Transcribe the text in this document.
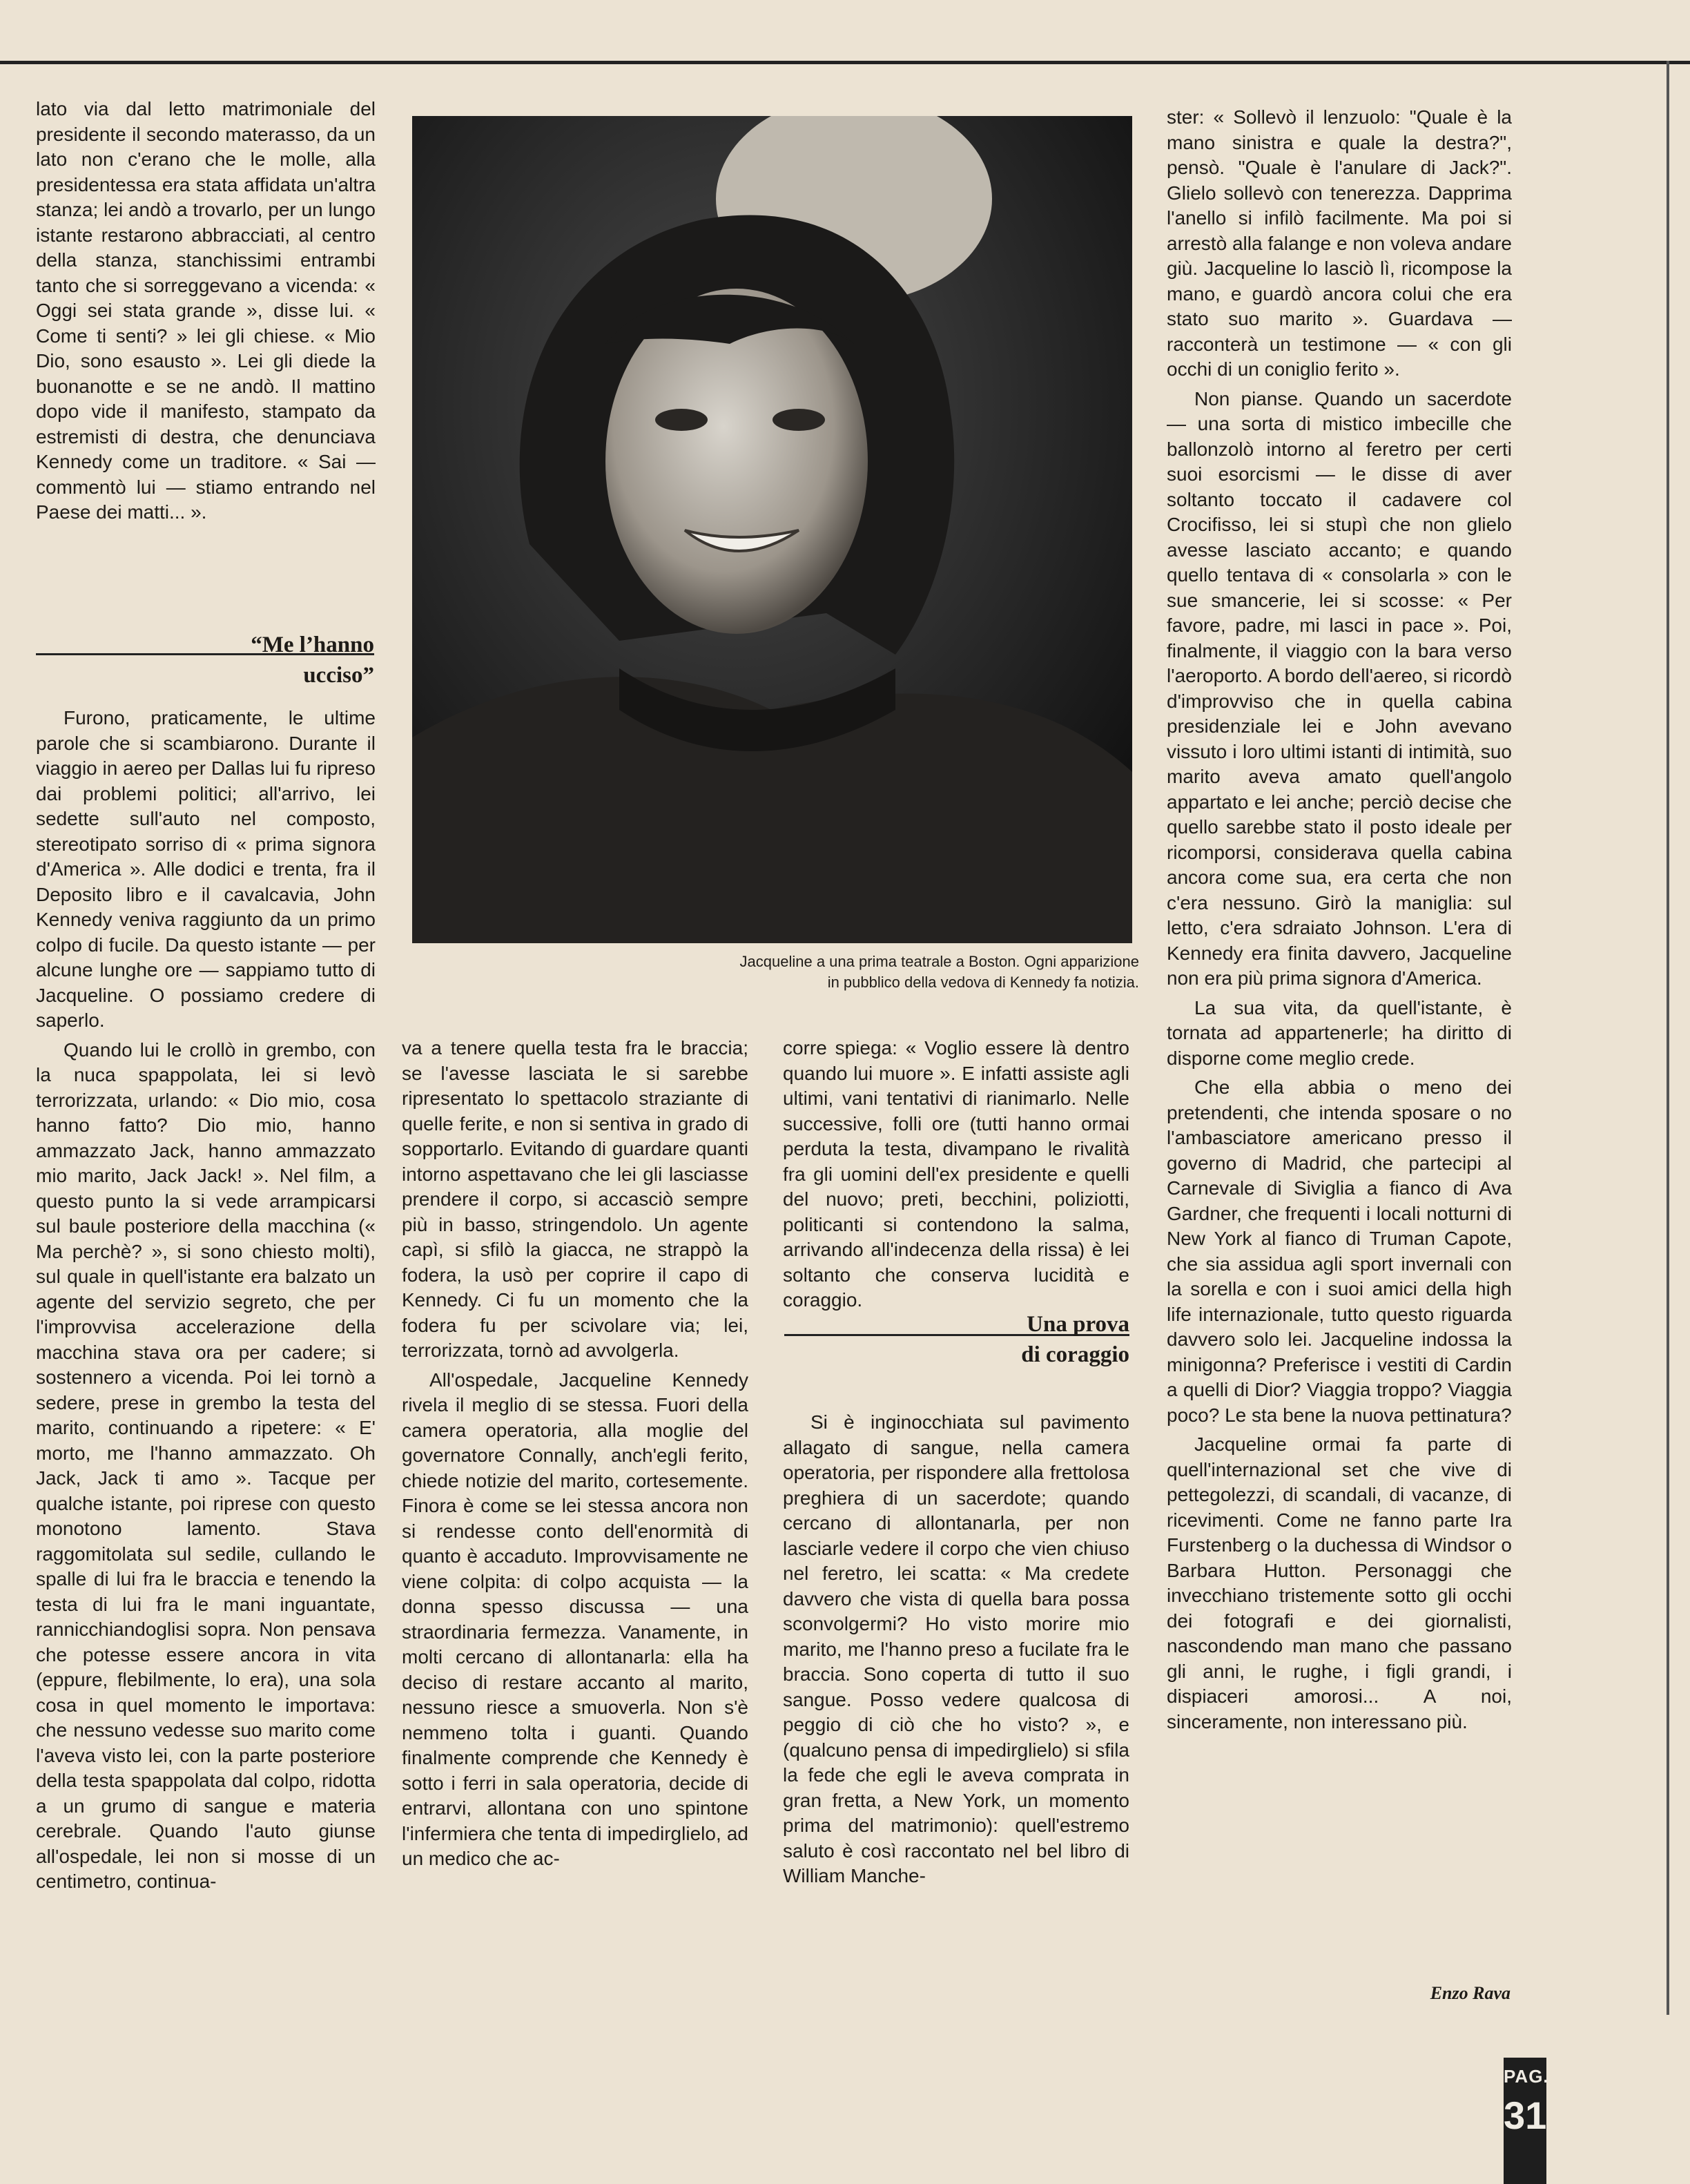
lato via dal letto matrimoniale del presidente il secondo materasso, da un lato non c'erano che le molle, alla presidentessa era stata affidata un'altra stanza; lei andò a trovarlo, per un lungo istante restarono abbracciati, al centro della stanza, stanchissimi entrambi tanto che si sorreggevano a vicenda: « Oggi sei stata grande », disse lui. « Come ti senti? » lei gli chiese. « Mio Dio, sono esausto ». Lei gli diede la buonanotte e se ne andò. Il mattino dopo vide il manifesto, stampato da estremisti di destra, che denunciava Kennedy come un traditore. « Sai — commentò lui — stiamo entrando nel Paese dei matti... ».

“Me l’hanno
ucciso”

Furono, praticamente, le ultime parole che si scambiarono. Durante il viaggio in aereo per Dallas lui fu ripreso dai problemi politici; all'arrivo, lei sedette sull'auto nel composto, stereotipato sorriso di « prima signora d'America ». Alle dodici e trenta, fra il Deposito libro e il cavalcavia, John Kennedy veniva raggiunto da un primo colpo di fucile. Da questo istante — per alcune lunghe ore — sappiamo tutto di Jacqueline. O possiamo credere di saperlo.

Quando lui le crollò in grembo, con la nuca spappolata, lei si levò terrorizzata, urlando: « Dio mio, cosa hanno fatto? Dio mio, hanno ammazzato Jack, hanno ammazzato mio marito, Jack Jack! ». Nel film, a questo punto la si vede arrampicarsi sul baule posteriore della macchina (« Ma perchè? », si sono chiesto molti), sul quale in quell'istante era balzato un agente del servizio segreto, che per l'improvvisa accelerazione della macchina stava ora per cadere; si sostennero a vicenda. Poi lei tornò a sedere, prese in grembo la testa del marito, continuando a ripetere: « E' morto, me l'hanno ammazzato. Oh Jack, Jack ti amo ». Tacque per qualche istante, poi riprese con questo monotono lamento. Stava raggomitolata sul sedile, cullando le spalle di lui fra le braccia e tenendo la testa di lui fra le mani inguantate, rannicchiandoglisi sopra. Non pensava che potesse essere ancora in vita (eppure, flebilmente, lo era), una sola cosa in quel momento le importava: che nessuno vedesse suo marito come l'aveva visto lei, con la parte posteriore della testa spappolata dal colpo, ridotta a un grumo di sangue e materia cerebrale. Quando l'auto giunse all'ospedale, lei non si mosse di un centimetro, continua-

Jacqueline a una prima teatrale a Boston. Ogni apparizione
in pubblico della vedova di Kennedy fa notizia.

va a tenere quella testa fra le braccia; se l'avesse lasciata le si sarebbe ripresentato lo spettacolo straziante di quelle ferite, e non si sentiva in grado di sopportarlo. Evitando di guardare quanti intorno aspettavano che lei gli lasciasse prendere il corpo, si accasciò sempre più in basso, stringendolo. Un agente capì, si sfilò la giacca, ne strappò la fodera, la usò per coprire il capo di Kennedy. Ci fu un momento che la fodera fu per scivolare via; lei, terrorizzata, tornò ad avvolgerla.

All'ospedale, Jacqueline Kennedy rivela il meglio di se stessa. Fuori della camera operatoria, alla moglie del governatore Connally, anch'egli ferito, chiede notizie del marito, cortesemente. Finora è come se lei stessa ancora non si rendesse conto dell'enormità di quanto è accaduto. Improvvisamente ne viene colpita: di colpo acquista — la donna spesso discussa — una straordinaria fermezza. Vanamente, in molti cercano di allontanarla: ella ha deciso di restare accanto al marito, nessuno riesce a smuoverla. Non s'è nemmeno tolta i guanti. Quando finalmente comprende che Kennedy è sotto i ferri in sala operatoria, decide di entrarvi, allontana con uno spintone l'infermiera che tenta di impedirglielo, ad un medico che ac-

corre spiega: « Voglio essere là dentro quando lui muore ». E infatti assiste agli ultimi, vani tentativi di rianimarlo. Nelle successive, folli ore (tutti hanno ormai perduta la testa, divampano le rivalità fra gli uomini dell'ex presidente e quelli del nuovo; preti, becchini, poliziotti, politicanti si contendono la salma, arrivando all'indecenza della rissa) è lei soltanto che conserva lucidità e coraggio.

Una prova
di coraggio

Si è inginocchiata sul pavimento allagato di sangue, nella camera operatoria, per rispondere alla frettolosa preghiera di un sacerdote; quando cercano di allontanarla, per non lasciarle vedere il corpo che vien chiuso nel feretro, lei scatta: « Ma credete davvero che vista di quella bara possa sconvolgermi? Ho visto morire mio marito, me l'hanno preso a fucilate fra le braccia. Sono coperta di tutto il suo sangue. Posso vedere qualcosa di peggio di ciò che ho visto? », e (qualcuno pensa di impedirglielo) si sfila la fede che egli le aveva comprata in gran fretta, a New York, un momento prima del matrimonio): quell'estremo saluto è così raccontato nel bel libro di William Manche-

ster: « Sollevò il lenzuolo: "Quale è la mano sinistra e quale la destra?", pensò. "Quale è l'anulare di Jack?". Glielo sollevò con tenerezza. Dapprima l'anello si infilò facilmente. Ma poi si arrestò alla falange e non voleva andare giù. Jacqueline lo lasciò lì, ricompose la mano, e guardò ancora colui che era stato suo marito ». Guardava — racconterà un testimone — « con gli occhi di un coniglio ferito ».

Non pianse. Quando un sacerdote — una sorta di mistico imbecille che ballonzolò intorno al feretro per certi suoi esorcismi — le disse di aver soltanto toccato il cadavere col Crocifisso, lei si stupì che non glielo avesse lasciato accanto; e quando quello tentava di « consolarla » con le sue smancerie, lei si scosse: « Per favore, padre, mi lasci in pace ». Poi, finalmente, il viaggio con la bara verso l'aeroporto. A bordo dell'aereo, si ricordò d'improvviso che in quella cabina presidenziale lei e John avevano vissuto i loro ultimi istanti di intimità, suo marito aveva amato quell'angolo appartato e lei anche; perciò decise che quello sarebbe stato il posto ideale per ricomporsi, considerava quella cabina ancora come sua, era certa che non c'era nessuno. Girò la maniglia: sul letto, c'era sdraiato Johnson. L'era di Kennedy era finita davvero, Jacqueline non era più prima signora d'America.

La sua vita, da quell'istante, è tornata ad appartenerle; ha diritto di disporne come meglio crede.

Che ella abbia o meno dei pretendenti, che intenda sposare o no l'ambasciatore americano presso il governo di Madrid, che partecipi al Carnevale di Siviglia a fianco di Ava Gardner, che frequenti i locali notturni di New York al fianco di Truman Capote, che sia assidua agli sport invernali con la sorella e con i suoi amici della high life internazionale, tutto questo riguarda davvero solo lei. Jacqueline indossa la minigonna? Preferisce i vestiti di Cardin a quelli di Dior? Viaggia troppo? Viaggia poco? Le sta bene la nuova pettinatura?

Jacqueline ormai fa parte di quell'internazional set che vive di pettegolezzi, di scandali, di vacanze, di ricevimenti. Come ne fanno parte Ira Furstenberg o la duchessa di Windsor o Barbara Hutton. Personaggi che invecchiano tristemente sotto gli occhi dei fotografi e dei giornalisti, nascondendo man mano che passano gli anni, le rughe, i figli grandi, i dispiaceri amorosi... A noi, sinceramente, non interessano più.

Enzo Rava
PAG.
31
